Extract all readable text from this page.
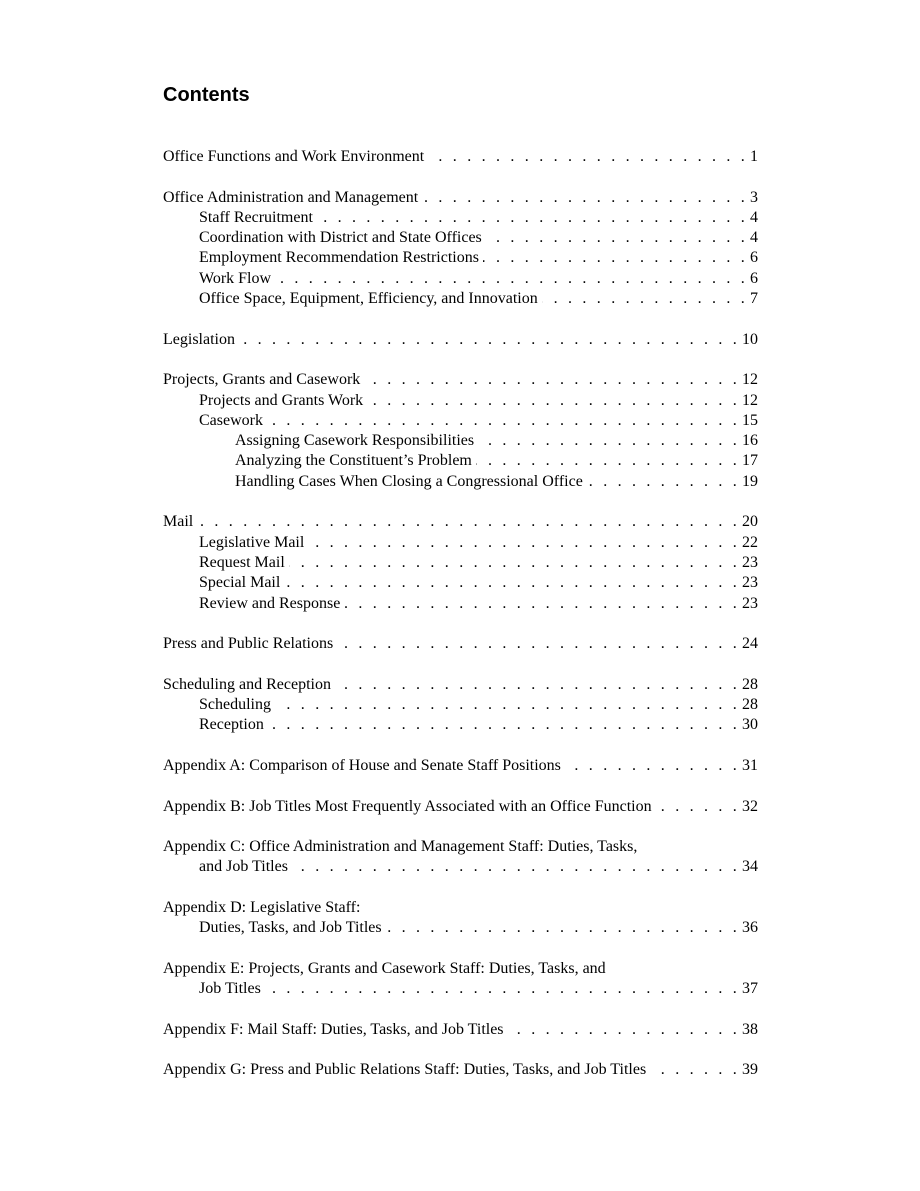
Contents
Office Functions and Work Environment . . .	1
Office Administration and Management . . .	3
Staff Recruitment . . .	4
Coordination with District and State Offices . . .	4
Employment Recommendation Restrictions . . .	6
Work Flow . . .	6
Office Space, Equipment, Efficiency, and Innovation . . .	7
Legislation . . .	10
Projects, Grants and Casework . . .	12
Projects and Grants Work . . .	12
Casework . . .	15
Assigning Casework Responsibilities . . .	16
Analyzing the Constituent’s Problem . . .	17
Handling Cases When Closing a Congressional Office . . .	19
Mail . . .	20
Legislative Mail . . .	22
Request Mail . . .	23
Special Mail . . .	23
Review and Response . . .	23
Press and Public Relations . . .	24
Scheduling and Reception . . .	28
Scheduling . . .	28
Reception . . .	30
Appendix A: Comparison of House and Senate Staff Positions . . .	31
Appendix B: Job Titles Most Frequently Associated with an Office Function . . .	32
Appendix C: Office Administration and Management Staff: Duties, Tasks,
and Job Titles . . .	34
Appendix D: Legislative Staff:
Duties, Tasks, and Job Titles . . .	36
Appendix E: Projects, Grants and Casework Staff: Duties, Tasks, and
Job Titles . . .	37
Appendix F: Mail Staff: Duties, Tasks, and Job Titles . . .	38
Appendix G: Press and Public Relations Staff: Duties, Tasks, and Job Titles . . .	39
